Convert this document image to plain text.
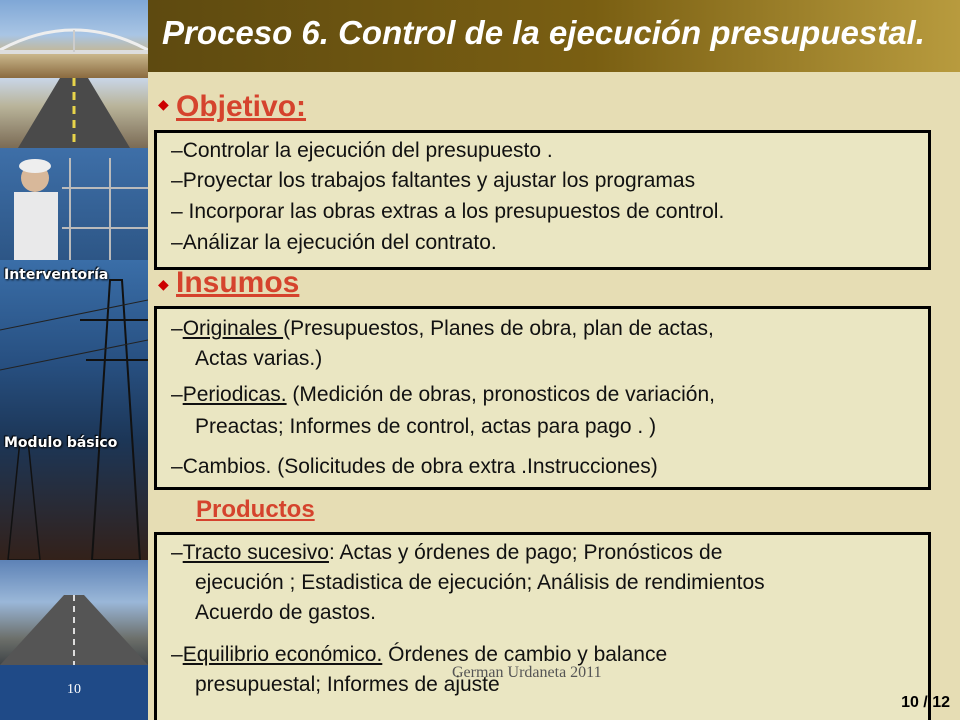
Interventoría
Modulo básico
10
Proceso 6. Control de la ejecución presupuestal.
◆ Objetivo:
–Controlar la ejecución del presupuesto .
–Proyectar los trabajos faltantes y ajustar los programas
– Incorporar las obras extras a los presupuestos de control.
–Análizar la ejecución del contrato.
◆ Insumos
–Originales (Presupuestos, Planes de obra, plan de actas,
Actas varias.)
–Periodicas. (Medición de obras, pronosticos de variación,
Preactas; Informes de control, actas para pago . )
–Cambios. (Solicitudes de obra extra .Instrucciones)
Productos
–Tracto sucesivo: Actas y órdenes de pago; Pronósticos de
ejecución ; Estadistica de ejecución; Análisis de rendimientos
Acuerdo de gastos.
–Equilibrio económico. Órdenes de cambio y balance
presupuestal; Informes de ajuste
German Urdaneta 2011
10 / 12
